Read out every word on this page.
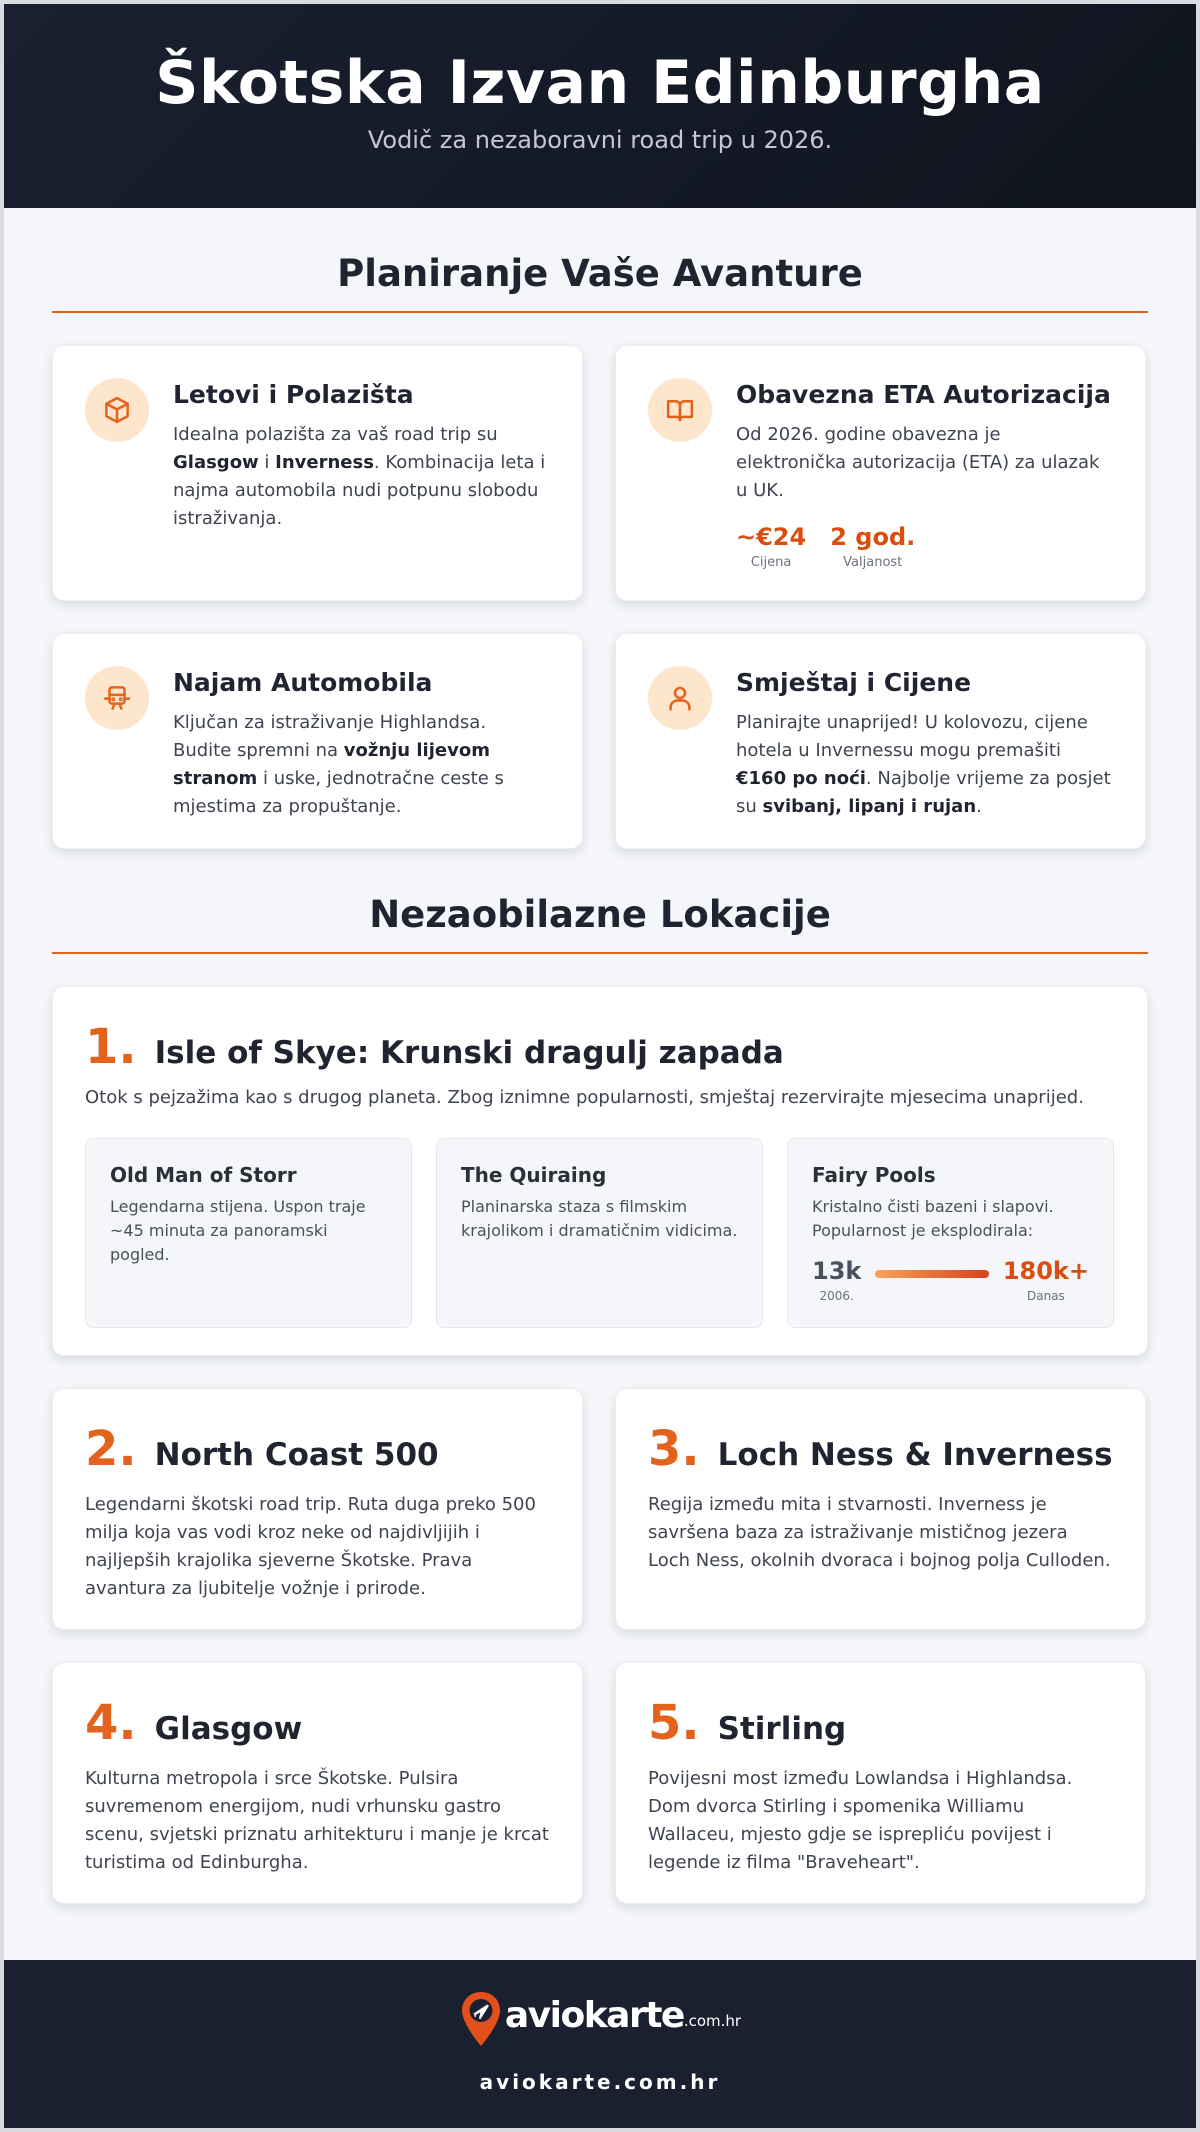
Škotska Izvan Edinburgha

Vodič za nezaboravni road trip u 2026.

Planiranje Vaše Avanture
Letovi i Polazišta

Idealna polazišta za vaš road trip su Glasgow i Inverness. Kombinacija leta i najma automobila nudi potpunu slobodu istraživanja.

Obavezna ETA Autorizacija

Od 2026. godine obavezna je elektronička autorizacija (ETA) za ulazak u UK.

~€24
Cijena
2 god.
Valjanost
Najam Automobila

Ključan za istraživanje Highlandsa. Budite spremni na vožnju lijevom stranom i uske, jednotračne ceste s mjestima za propuštanje.

Smještaj i Cijene

Planirajte unaprijed! U kolovozu, cijene hotela u Invernessu mogu premašiti €160 po noći. Najbolje vrijeme za posjet su svibanj, lipanj i rujan.

Nezaobilazne Lokacije
1. Isle of Skye: Krunski dragulj zapada

Otok s pejzažima kao s drugog planeta. Zbog iznimne popularnosti, smještaj rezervirajte mjesecima unaprijed.

Old Man of Storr

Legendarna stijena. Uspon traje ~45 minuta za panoramski pogled.

The Quiraing

Planinarska staza s filmskim krajolikom i dramatičnim vidicima.

Fairy Pools

Kristalno čisti bazeni i slapovi. Popularnost je eksplodirala:

13k
2006.
180k+
Danas
2. North Coast 500

Legendarni škotski road trip. Ruta duga preko 500 milja koja vas vodi kroz neke od najdivljijih i najljepših krajolika sjeverne Škotske. Prava avantura za ljubitelje vožnje i prirode.

3. Loch Ness & Inverness

Regija između mita i stvarnosti. Inverness je savršena baza za istraživanje mističnog jezera Loch Ness, okolnih dvoraca i bojnog polja Culloden.

4. Glasgow

Kulturna metropola i srce Škotske. Pulsira suvremenom energijom, nudi vrhunsku gastro scenu, svjetski priznatu arhitekturu i manje je krcat turistima od Edinburgha.

5. Stirling

Povijesni most između Lowlandsa i Highlandsa. Dom dvorca Stirling i spomenika Williamu Wallaceu, mjesto gdje se isprepliću povijest i legende iz filma "Braveheart".

aviokarte .com.hr
aviokarte.com.hr
